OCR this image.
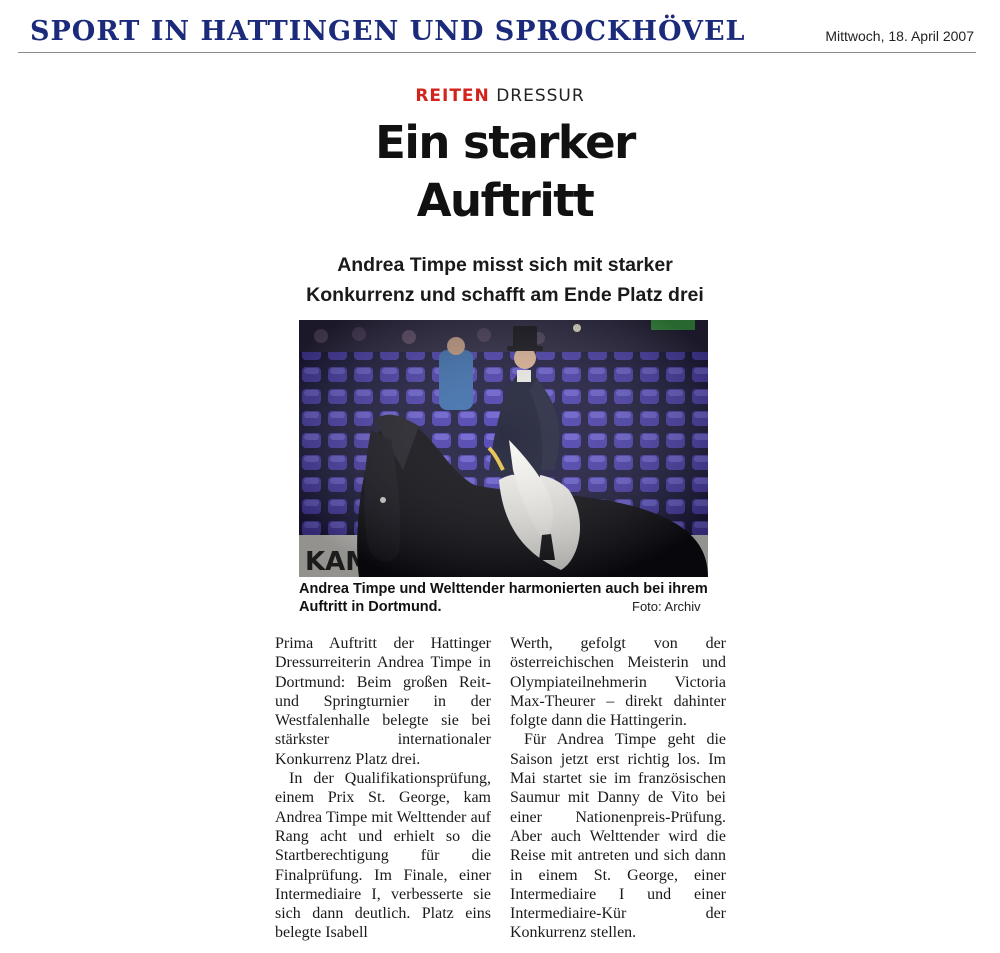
SPORT IN HATTINGEN UND SPROCKHÖVEL	Mittwoch, 18. April 2007
REITEN DRESSUR
Ein starker
Auftritt
Andrea Timpe misst sich mit starker
Konkurrenz und schafft am Ende Platz drei

Andrea Timpe und Welttender harmonierten auch bei ihrem Auftritt in Dortmund.	Foto: Archiv

Prima Auftritt der Hattinger Dressurreiterin Andrea Timpe in Dortmund: Beim großen Reit- und Springturnier in der Westfalenhalle belegte sie bei stärkster internationaler Konkurrenz Platz drei.

In der Qualifikationsprüfung, einem Prix St. George, kam Andrea Timpe mit Welttender auf Rang acht und erhielt so die Startberechtigung für die Finalprüfung. Im Finale, einer Intermediaire I, verbesserte sie sich dann deutlich. Platz eins belegte Isabell

Werth, gefolgt von der österreichischen Meisterin und Olympiateilnehmerin Victoria Max-Theurer – direkt dahinter folgte dann die Hattingerin.

Für Andrea Timpe geht die Saison jetzt erst richtig los. Im Mai startet sie im französischen Saumur mit Danny de Vito bei einer Nationenpreis-Prüfung. Aber auch Welttender wird die Reise mit antreten und sich dann in einem St. George, einer Intermediaire I und einer Intermediaire-Kür der Konkurrenz stellen.
